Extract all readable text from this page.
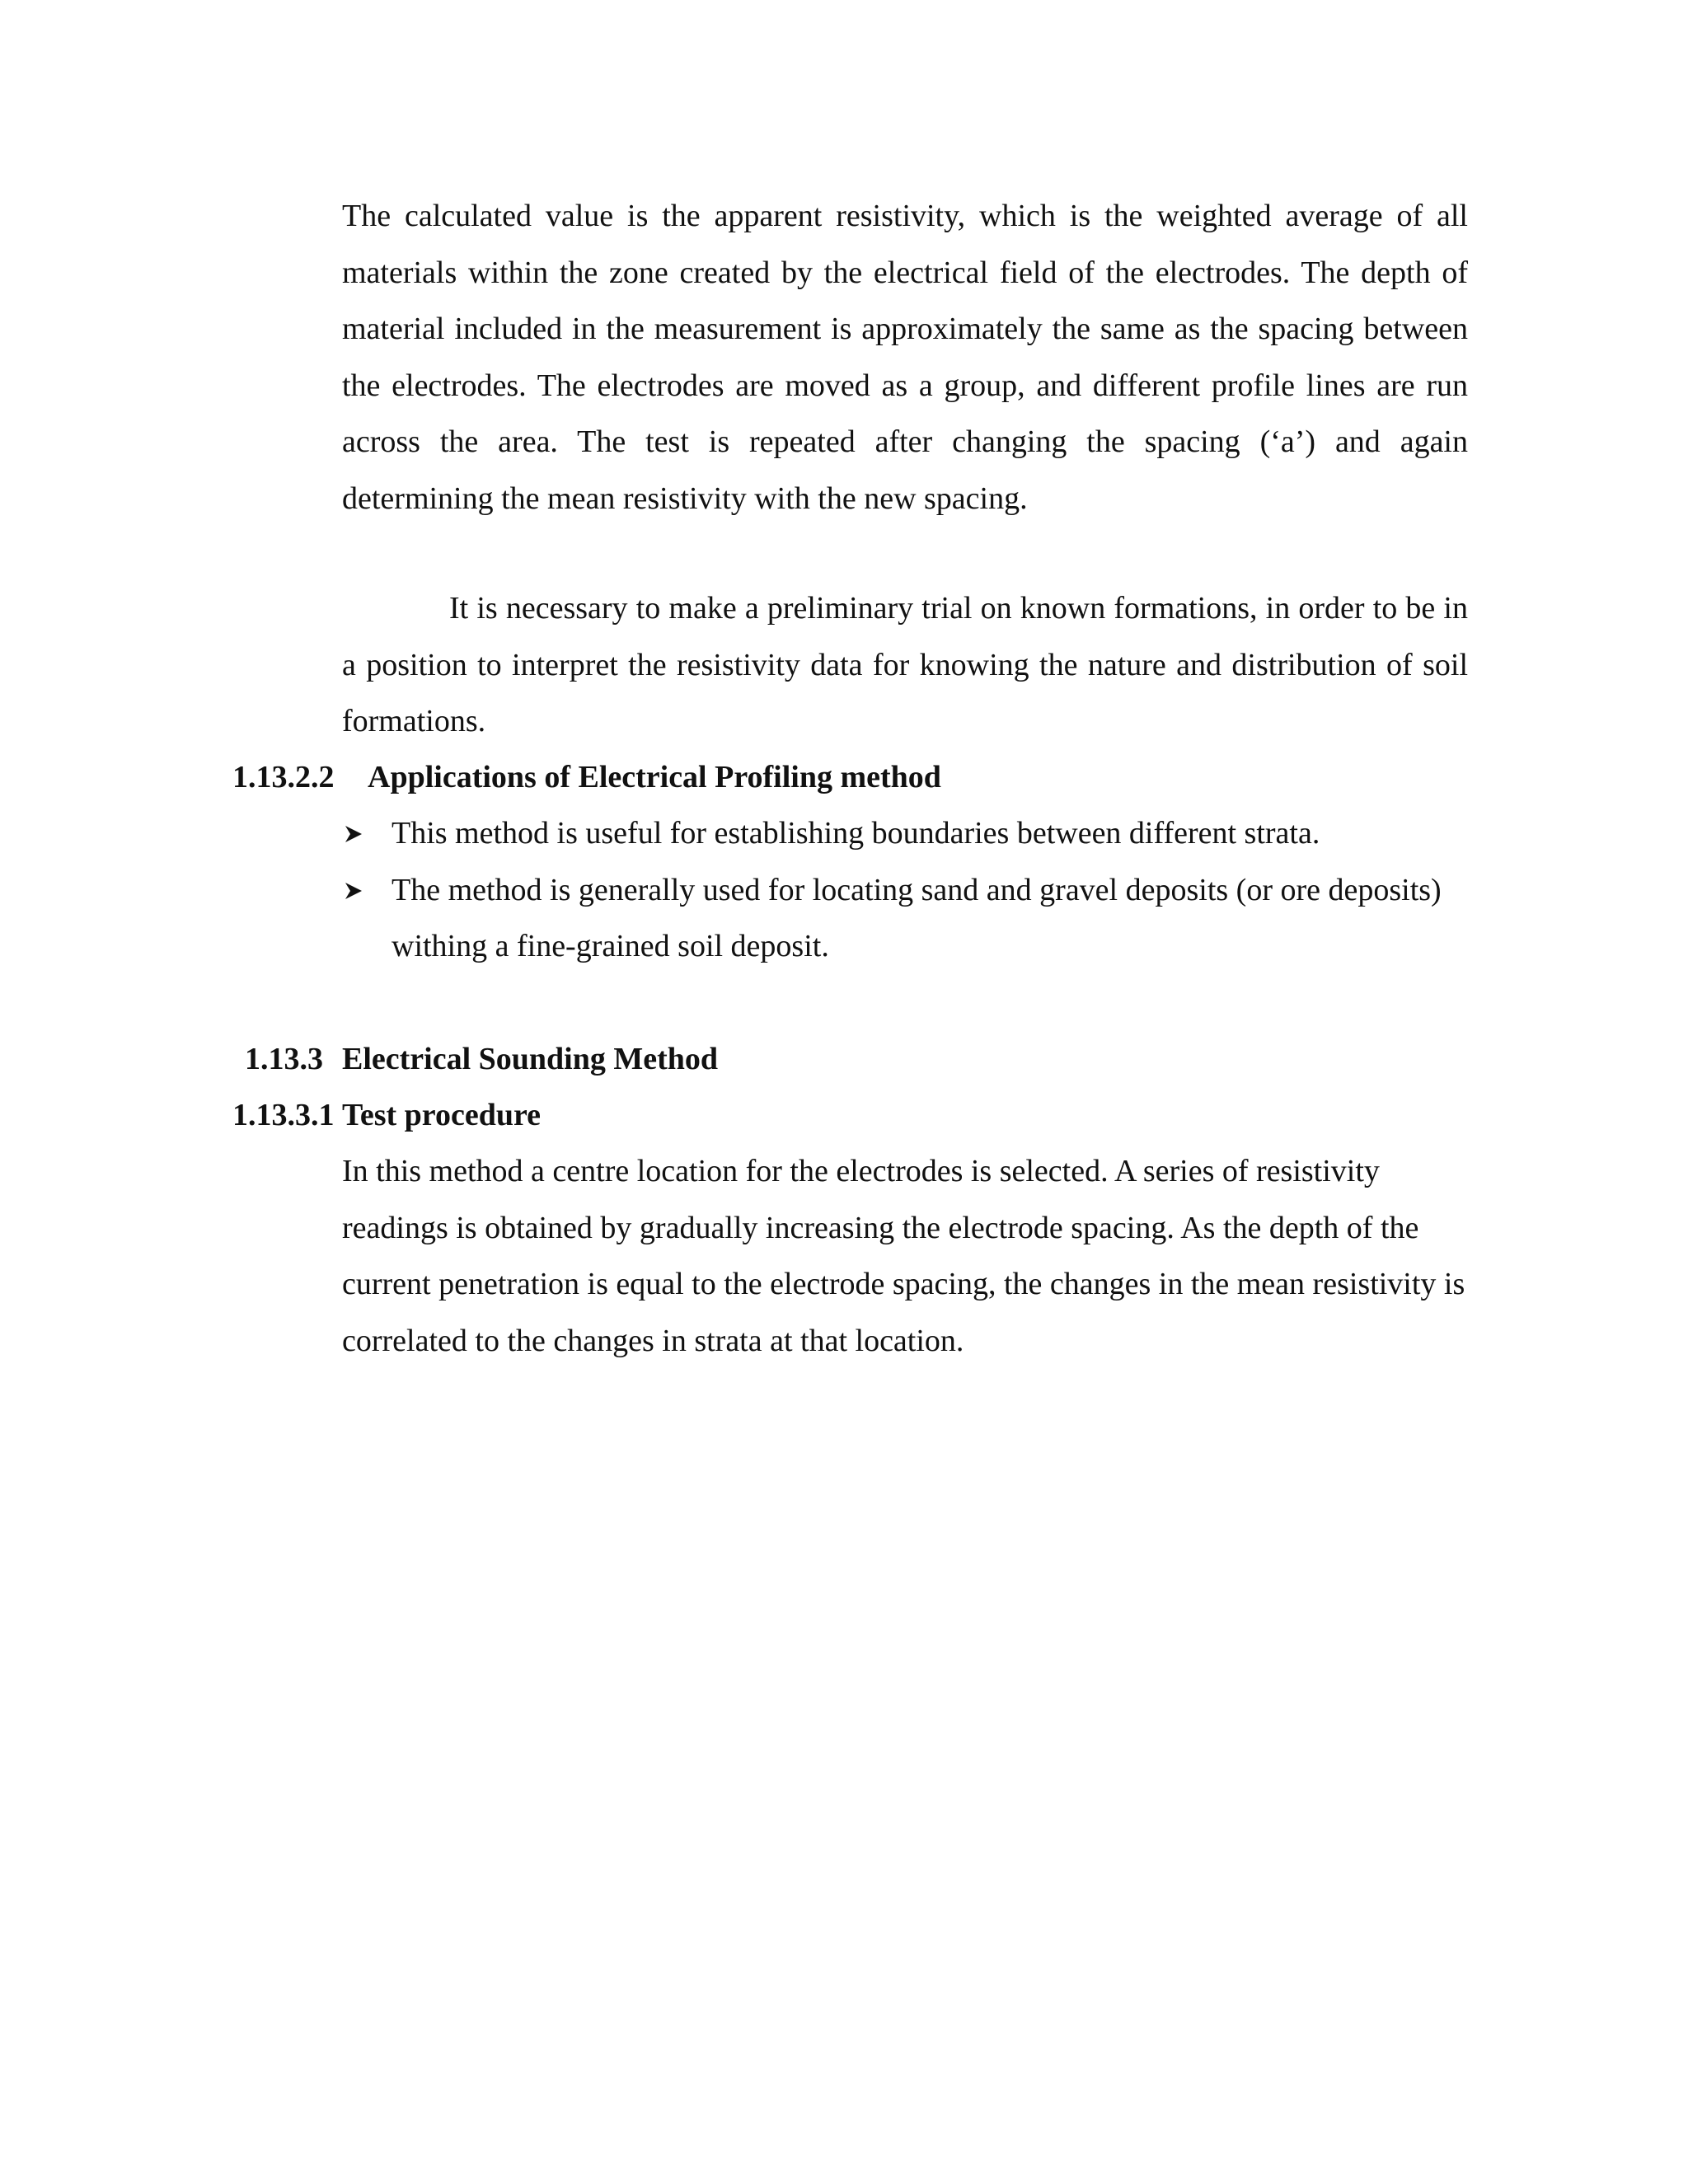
The calculated value is the apparent resistivity, which is the weighted average of all materials within the zone created by the electrical field of the electrodes. The depth of material included in the measurement is approximately the same as the spacing between the electrodes. The electrodes are moved as a group, and different profile lines are run across the area. The test is repeated after changing the spacing (‘a’) and again determining the mean resistivity with the new spacing.

It is necessary to make a preliminary trial on known formations, in order to be in a position to interpret the resistivity data for knowing the nature and distribution of soil formations.

1.13.2.2 Applications of Electrical Profiling method
This method is useful for establishing boundaries between different strata.
The method is generally used for locating sand and gravel deposits (or ore deposits) withing a fine-grained soil deposit.
1.13.3 Electrical Sounding Method
1.13.3.1 Test procedure

In this method a centre location for the electrodes is selected. A series of resistivity readings is obtained by gradually increasing the electrode spacing. As the depth of the current penetration is equal to the electrode spacing, the changes in the mean resistivity is correlated to the changes in strata at that location.
